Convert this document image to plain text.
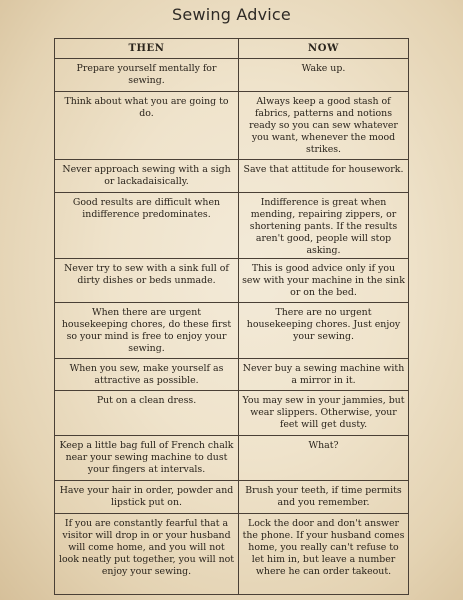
Sewing Advice
THEN	NOW
Prepare yourself mentally for sewing.	Wake up.
Think about what you are going to do.	Always keep a good stash of fabrics, patterns and notions ready so you can sew whatever you want, whenever the mood strikes.
Never approach sewing with a sigh or lackadaisically.	Save that attitude for housework.
Good results are difficult when indifference predominates.	Indifference is great when mending, repairing zippers, or shortening pants. If the results aren't good, people will stop asking.
Never try to sew with a sink full of dirty dishes or beds unmade.	This is good advice only if you sew with your machine in the sink or on the bed.
When there are urgent housekeeping chores, do these first so your mind is free to enjoy your sewing.	There are no urgent housekeeping chores. Just enjoy your sewing.
When you sew, make yourself as attractive as possible.	Never buy a sewing machine with a mirror in it.
Put on a clean dress.	You may sew in your jammies, but wear slippers. Otherwise, your feet will get dusty.
Keep a little bag full of French chalk near your sewing machine to dust your fingers at intervals.	What?
Have your hair in order, powder and lipstick put on.	Brush your teeth, if time permits and you remember.
If you are constantly fearful that a visitor will drop in or your husband will come home, and you will not look neatly put together, you will not enjoy your sewing.	Lock the door and don't answer the phone. If your husband comes home, you really can't refuse to let him in, but leave a number where he can order takeout.
